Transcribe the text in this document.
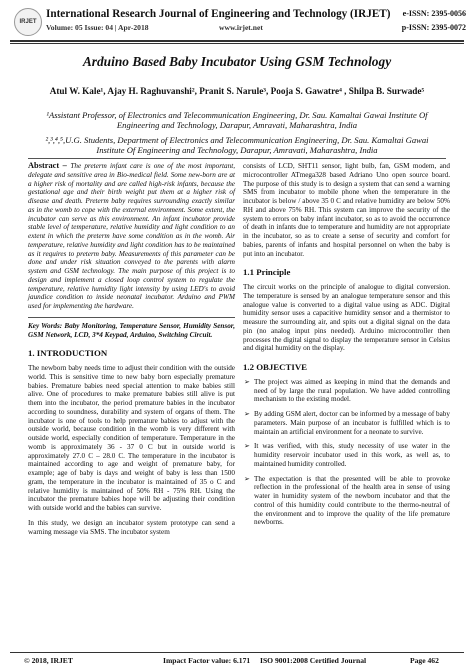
IRJET
International Research Journal of Engineering and Technology (IRJET)
Volume: 05 Issue: 04 | Apr-2018	www.irjet.net
e-ISSN: 2395-0056
p-ISSN: 2395-0072
Arduino Based Baby Incubator Using GSM Technology
Atul W. Kale¹, Ajay H. Raghuvanshi², Pranit S. Narule³, Pooja S. Gawatre⁴ , Shilpa B. Surwade⁵
¹Assistant Professor, of Electronics and Telecommunication Engineering, Dr. Sau. Kamaltai Gawai Institute Of Engineering and Technology, Darapur, Amravati, Maharashtra, India
²,³,⁴,⁵,U.G. Students, Department of Electronics and Telecommunication Engineering, Dr. Sau. Kamaltai Gawai Institute Of Engineering and Technology, Darapur, Amravati, Maharashtra, India

Abstract – The preterm infant care is one of the most important, delegate and sensitive area in Bio-medical field. Some new-born are at a higher risk of mortality and are called high-risk infants, because the gestational age and their birth weight put them at a higher risk of disease and death. Preterm baby requires surrounding exactly similar as in the womb to cope with the external environment. Some extent, the incubator can serve as this environment. An infant incubator provide stable level of temperature, relative humidity and light condition to an extent in which the preterm have some condition as in the womb. Air temperature, relative humidity and light condition has to be maintained as it requires to preterm baby. Measurements of this parameter can be done and under risk situation conveyed to the parents with alarm system and GSM technology. The main purpose of this project is to design and implement a closed loop control system to regulate the temperature, relative humidity light intensity by using LED's to avoid jaundice condition to inside neonatal incubator. Arduino and PWM used for implementing the hardware.

Key Words: Baby Monitoring, Temperature Sensor, Humidity Sensor, GSM Network, LCD, 3*4 Keypad, Arduino, Switching Circuit.

1. INTRODUCTION

The newborn baby needs time to adjust their condition with the outside world. This is sensitive time to new baby born especially premature babies. Premature babies need special attention to make babies still alive. One of procedures to make premature babies still alive is put them into the incubator, the period premature babies in the incubator according to soundness, durability and system of organs of them. The incubator is one of tools to help premature babies to adjust with the outside world, because condition in the womb is very different with outside world, especially condition of temperature. Temperature in the womb is approximately 36 - 37 0 C but in outside world is approximately 27.0 C – 28.0 C. The temperature in the incubator is maintained according to age and weight of premature baby, for example; age of baby is days and weight of baby is less than 1500 gram, the temperature in the incubator is maintained of 35 o C and relative humidity is maintained of 50% RH - 75% RH. Using the incubator the premature babies hope will be adjusting their condition with outside world and the babies can survive.

In this study, we design an incubator system prototype can send a warning message via SMS. The incubator system

consists of LCD, SHT11 sensor, light bulb, fan, GSM modem, and microcontroller ATmega328 based Adriano Uno open source board. The purpose of this study is to design a system that can send a warning SMS from incubator to mobile phone when the temperature in the incubator is below / above 35 0 C and relative humidity are below 50% RH and above 75% RH. This system can improve the security of the system to errors on baby infant incubator, so as to avoid the occurrence of death in infants due to temperature and humidity are not appropriate in the incubator, so as to create a sense of security and comfort for babies, parents of infants and hospital personnel on when the baby is put into an incubator.

1.1 Principle

The circuit works on the principle of analogue to digital conversion. The temperature is sensed by an analogue temperature sensor and this analogue value is converted to a digital value using as ADC. Digital humidity sensor uses a capacitive humidity sensor and a thermistor to measure the surrounding air, and spits out a digital signal on the data pin (no analog input pins needed). Arduino microcontroller then processes the digital signal to display the temperature sensor in Celsius and digital humidity on the display.

1.2 OBJECTIVE
➢ The project was aimed as keeping in mind that the demands and need of by large the rural population. We have added controlling mechanism to the existing model.
➢ By adding GSM alert, doctor can be informed by a message of baby parameters. Main purpose of an incubator is fulfilled which is to maintain an artificial environment for a neonate to survive.
➢ It was verified, with this, study necessity of use water in the humidity reservoir incubator used in this work, as well as, to maintained humidity controlled.
➢ The expectation is that the presented will be able to provoke reflection in the professional of the health area in sense of using water in humidity system of the newborn incubator and that the control of this humidity could contribute to the thermo-neutral of the environment and to improve the quality of the life premature newborns.
© 2018, IRJET	Impact Factor value: 6.171 ISO 9001:2008 Certified Journal	Page 462
